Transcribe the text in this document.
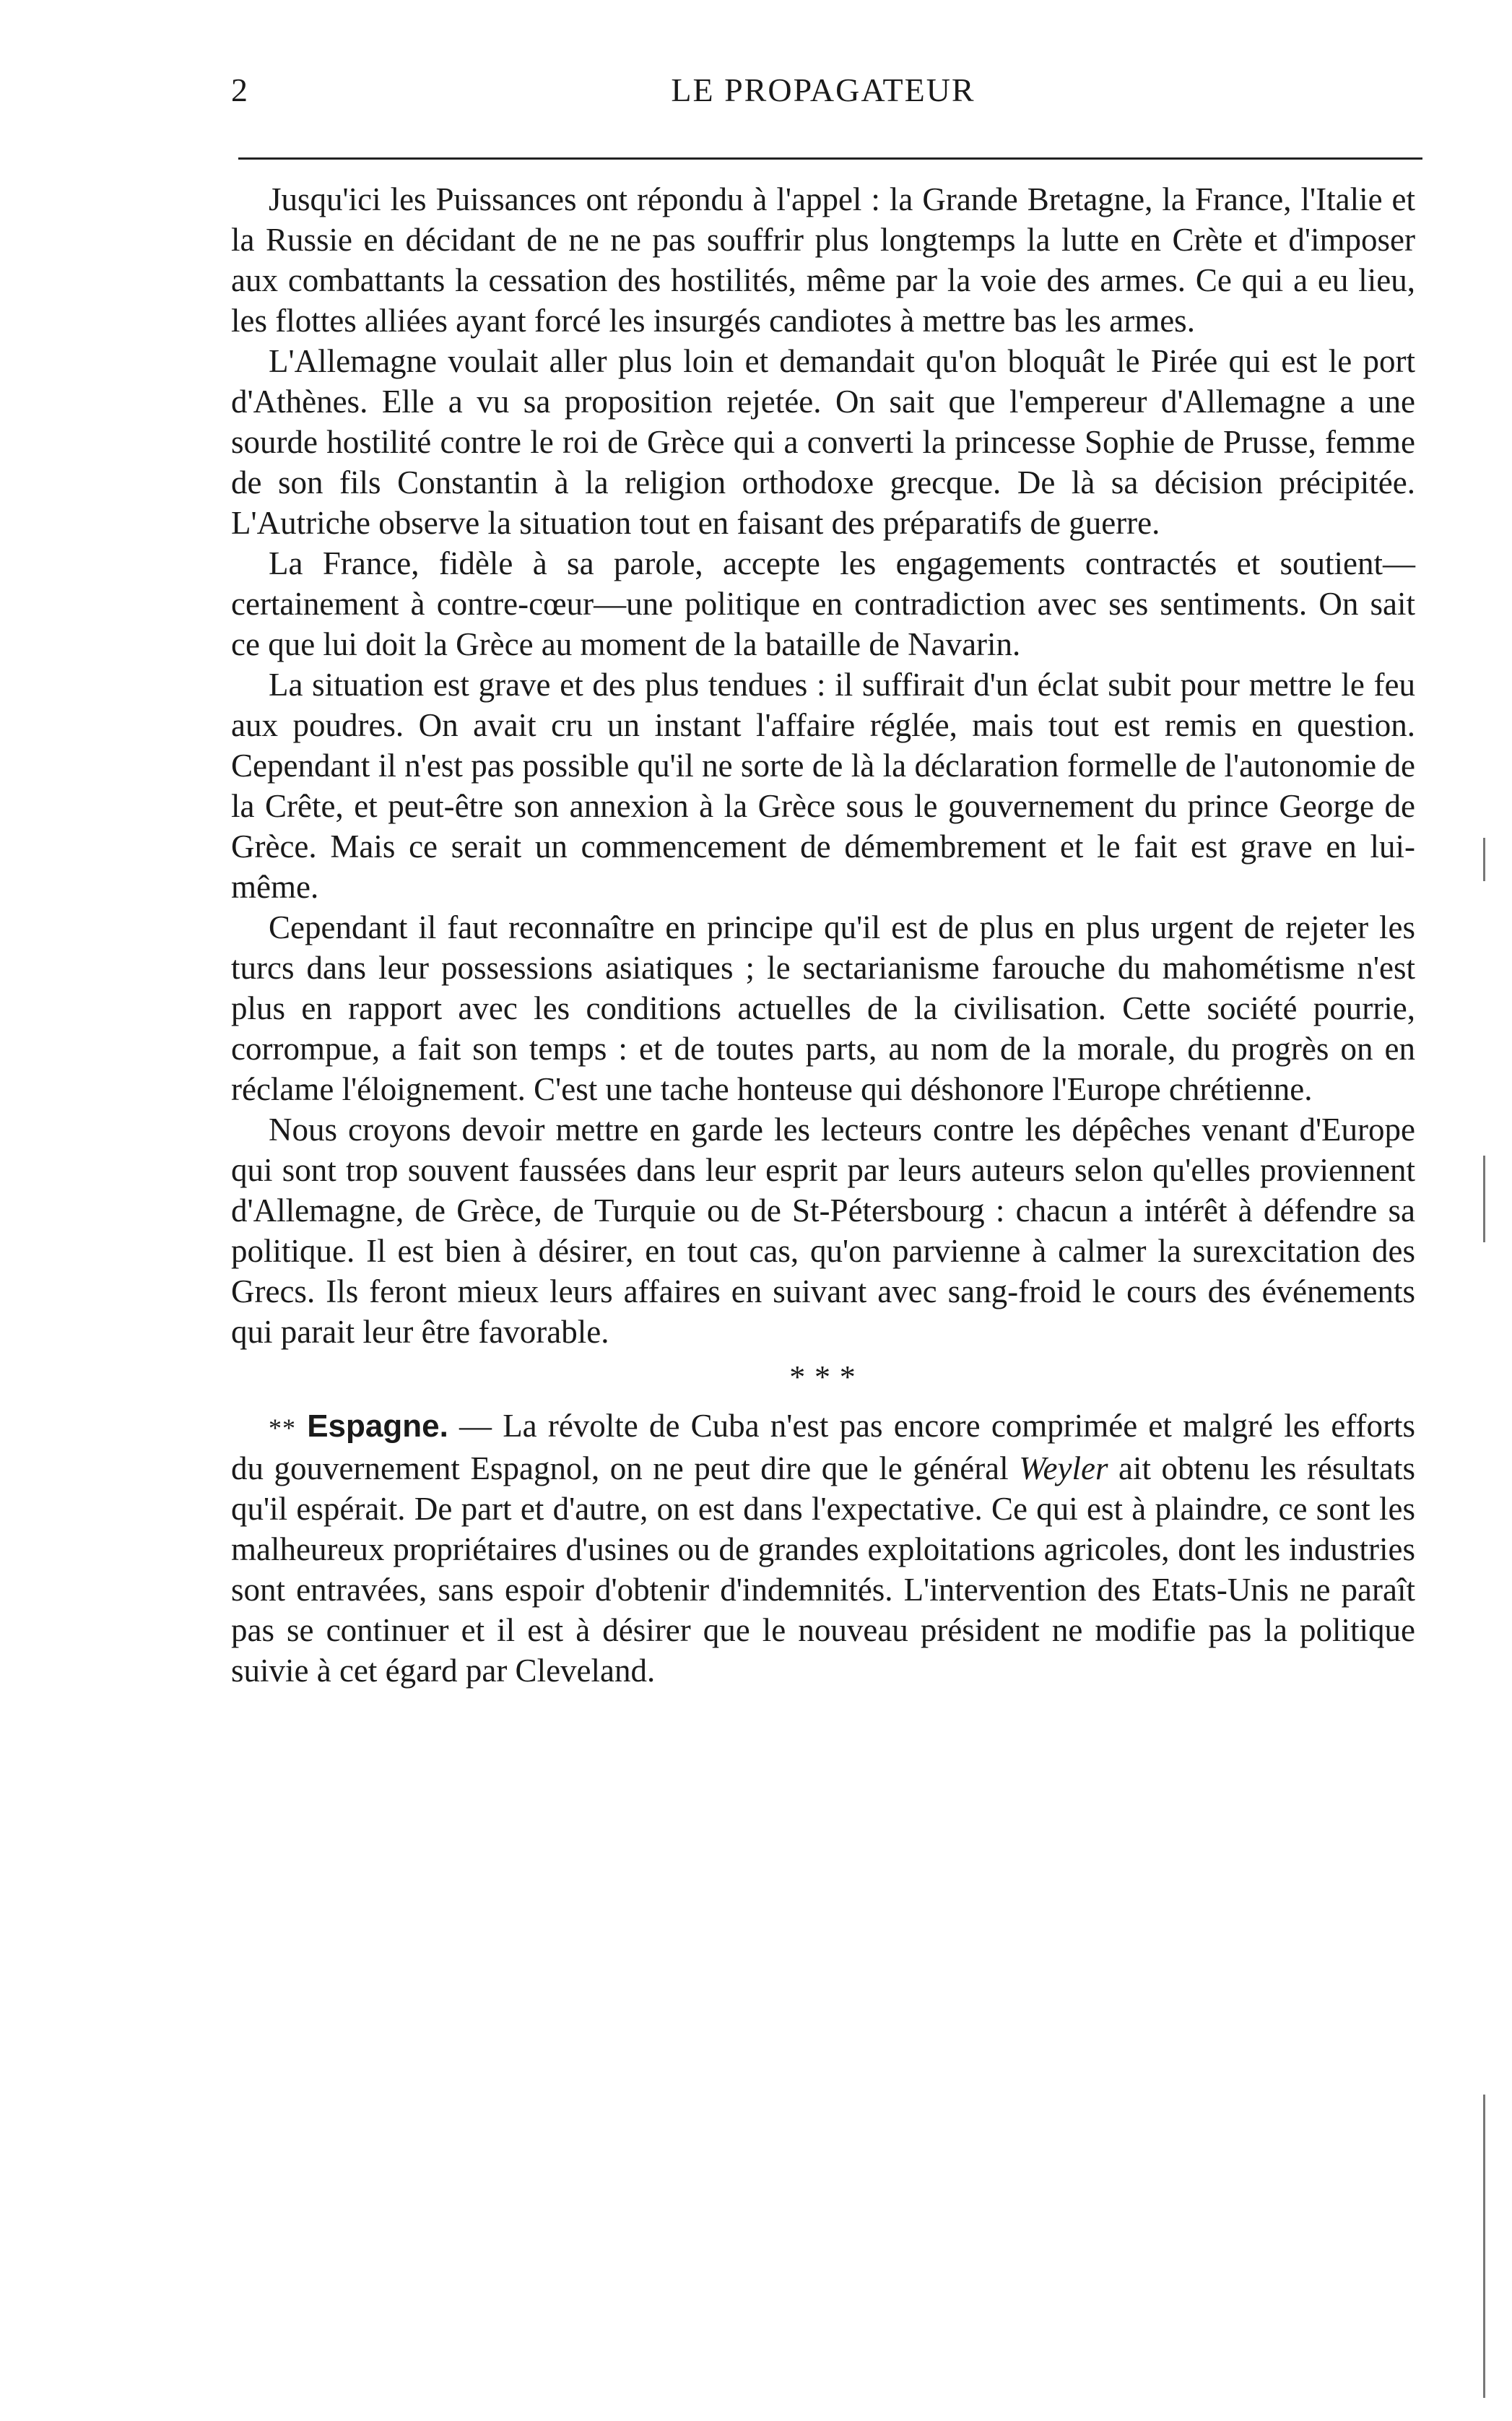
2	LE PROPAGATEUR

Jusqu'ici les Puissances ont répondu à l'appel : la Grande Bretagne, la France, l'Italie et la Russie en décidant de ne ne pas souffrir plus longtemps la lutte en Crète et d'imposer aux combattants la cessation des hostilités, même par la voie des armes. Ce qui a eu lieu, les flottes alliées ayant forcé les insurgés candiotes à mettre bas les armes.

L'Allemagne voulait aller plus loin et demandait qu'on bloquât le Pirée qui est le port d'Athènes. Elle a vu sa proposition rejetée. On sait que l'empereur d'Allemagne a une sourde hostilité contre le roi de Grèce qui a converti la princesse Sophie de Prusse, femme de son fils Constantin à la religion orthodoxe grecque. De là sa décision précipitée. L'Autriche observe la situation tout en faisant des préparatifs de guerre.

La France, fidèle à sa parole, accepte les engagements contractés et soutient—certainement à contre-cœur—une politique en contradiction avec ses sentiments. On sait ce que lui doit la Grèce au moment de la bataille de Navarin.

La situation est grave et des plus tendues : il suffirait d'un éclat subit pour mettre le feu aux poudres. On avait cru un instant l'affaire réglée, mais tout est remis en question. Cependant il n'est pas possible qu'il ne sorte de là la déclaration formelle de l'autonomie de la Crête, et peut-être son annexion à la Grèce sous le gouvernement du prince George de Grèce. Mais ce serait un commencement de démembrement et le fait est grave en lui-même.

Cependant il faut reconnaître en principe qu'il est de plus en plus urgent de rejeter les turcs dans leur possessions asiatiques ; le sectarianisme farouche du mahométisme n'est plus en rapport avec les conditions actuelles de la civilisation. Cette société pourrie, corrompue, a fait son temps : et de toutes parts, au nom de la morale, du progrès on en réclame l'éloignement. C'est une tache honteuse qui déshonore l'Europe chrétienne.

Nous croyons devoir mettre en garde les lecteurs contre les dépêches venant d'Europe qui sont trop souvent faussées dans leur esprit par leurs auteurs selon qu'elles proviennent d'Allemagne, de Grèce, de Turquie ou de St-Pétersbourg : chacun a intérêt à défendre sa politique. Il est bien à désirer, en tout cas, qu'on parvienne à calmer la surexcitation des Grecs. Ils feront mieux leurs affaires en suivant avec sang-froid le cours des événements qui parait leur être favorable.

* * *

** Espagne. — La révolte de Cuba n'est pas encore comprimée et malgré les efforts du gouvernement Espagnol, on ne peut dire que le général Weyler ait obtenu les résultats qu'il espérait. De part et d'autre, on est dans l'expectative. Ce qui est à plaindre, ce sont les malheureux propriétaires d'usines ou de grandes exploitations agricoles, dont les industries sont entravées, sans espoir d'obtenir d'indemnités. L'intervention des Etats-Unis ne paraît pas se continuer et il est à désirer que le nouveau président ne modifie pas la politique suivie à cet égard par Cleveland.
